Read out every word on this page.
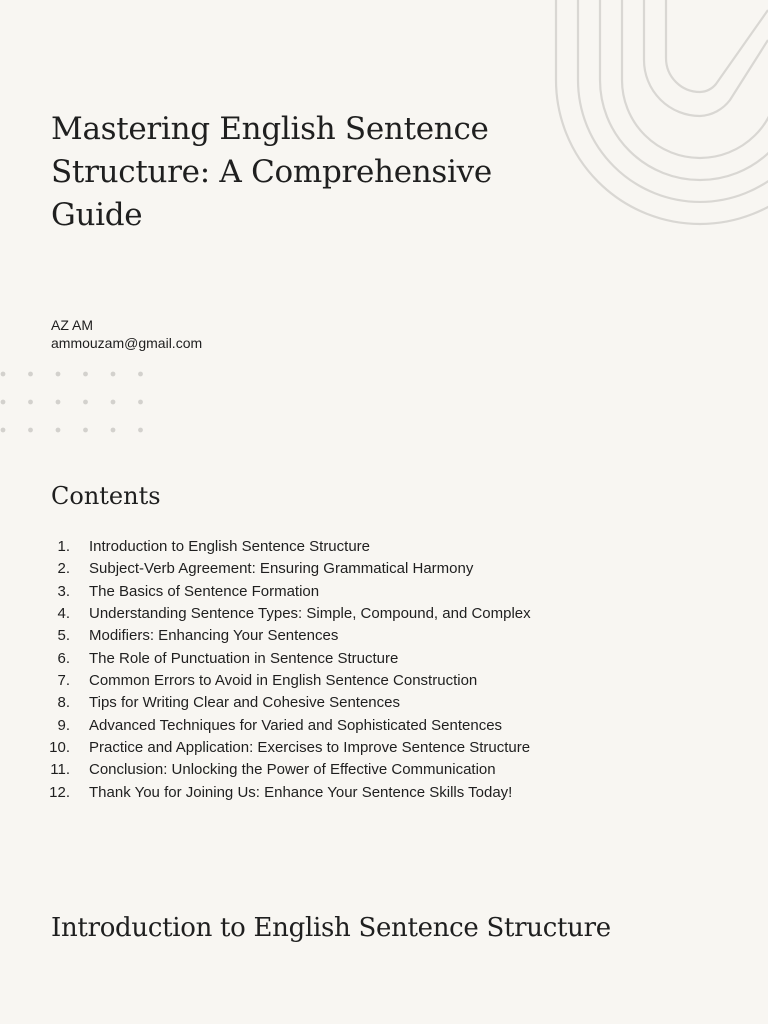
Mastering English Sentence Structure: A Comprehensive Guide
AZ AM
ammouzam@gmail.com
Contents
1. Introduction to English Sentence Structure
2. Subject-Verb Agreement: Ensuring Grammatical Harmony
3. The Basics of Sentence Formation
4. Understanding Sentence Types: Simple, Compound, and Complex
5. Modifiers: Enhancing Your Sentences
6. The Role of Punctuation in Sentence Structure
7. Common Errors to Avoid in English Sentence Construction
8. Tips for Writing Clear and Cohesive Sentences
9. Advanced Techniques for Varied and Sophisticated Sentences
10. Practice and Application: Exercises to Improve Sentence Structure
11. Conclusion: Unlocking the Power of Effective Communication
12. Thank You for Joining Us: Enhance Your Sentence Skills Today!
Introduction to English Sentence Structure
